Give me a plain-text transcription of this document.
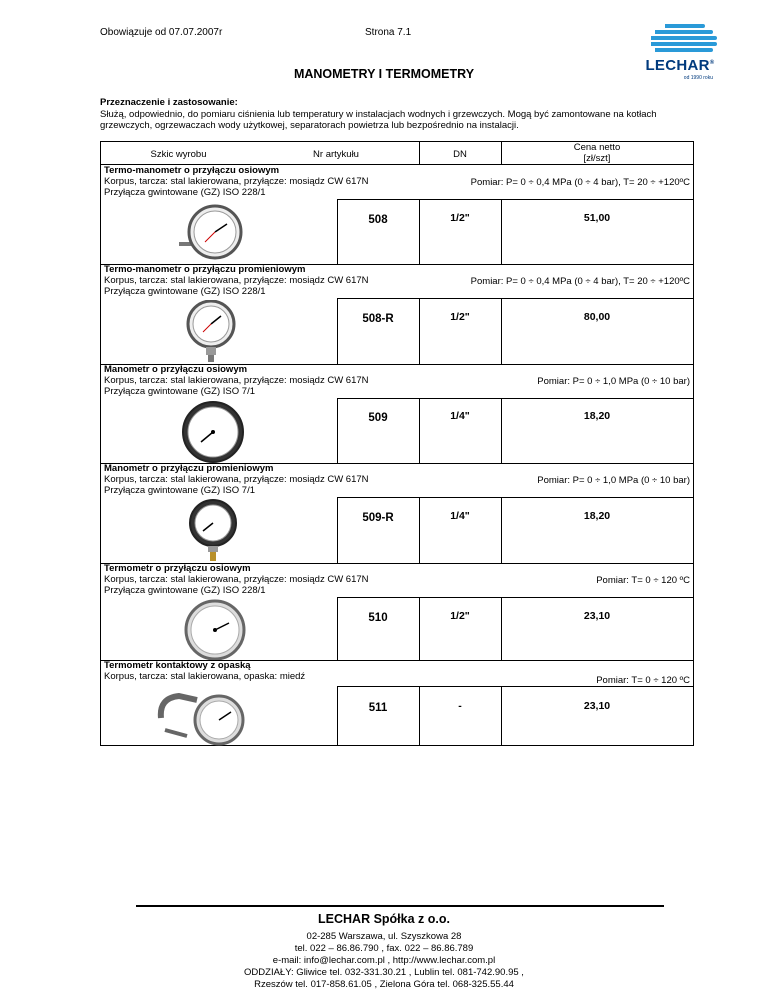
Obowiązuje od 07.07.2007r	Strona 7.1
MANOMETRY I TERMOMETRY	LECHAR®
od 1990 roku
Przeznaczenie i zastosowanie:
Służą, odpowiednio, do pomiaru ciśnienia lub temperatury w instalacjach wodnych i grzewczych. Mogą być zamontowane na kotłach grzewczych, ogrzewaczach wody użytkowej, separatorach powietrza lub bezpośrednio na instalacji.
Szkic wyrobu	Nr artykułu	DN
Cena netto
[zł/szt]
Termo-manometr o przyłączu osiowym
Korpus, tarcza: stal lakierowana, przyłącze: mosiądz CW 617N
Przyłącza gwintowane (GZ) ISO 228/1
Pomiar: P= 0 ÷ 0,4 MPa (0 ÷ 4 bar), T= 20 ÷ +120ºC
508	1/2"	51,00
Termo-manometr o przyłączu promieniowym
Korpus, tarcza: stal lakierowana, przyłącze: mosiądz CW 617N
Przyłącza gwintowane (GZ) ISO 228/1
Pomiar: P= 0 ÷ 0,4 MPa (0 ÷ 4 bar), T= 20 ÷ +120ºC
508-R	1/2"	80,00
Manometr o przyłączu osiowym
Korpus, tarcza: stal lakierowana, przyłącze: mosiądz CW 617N
Przyłącza gwintowane (GZ) ISO 7/1
Pomiar: P= 0 ÷ 1,0 MPa (0 ÷ 10 bar)
509	1/4"	18,20
Manometr o przyłączu promieniowym
Korpus, tarcza: stal lakierowana, przyłącze: mosiądz CW 617N
Przyłącza gwintowane (GZ) ISO 7/1
Pomiar: P= 0 ÷ 1,0 MPa (0 ÷ 10 bar)
509-R	1/4"	18,20
Termometr o przyłączu osiowym
Korpus, tarcza: stal lakierowana, przyłącze: mosiądz CW 617N
Przyłącza gwintowane (GZ) ISO 228/1
Pomiar: T= 0 ÷ 120 ºC
510	1/2"	23,10
Termometr kontaktowy z opaską
Korpus, tarcza: stal lakierowana, opaska: miedź	Pomiar: T= 0 ÷ 120 ºC
511	-	23,10
LECHAR Spółka z o.o.
02-285 Warszawa, ul. Szyszkowa 28
tel. 022 – 86.86.790 , fax. 022 – 86.86.789
e-mail: info@lechar.com.pl , http://www.lechar.com.pl
ODDZIAŁY: Gliwice tel. 032-331.30.21 , Lublin tel. 081-742.90.95 ,
Rzeszów tel. 017-858.61.05 , Zielona Góra tel. 068-325.55.44
